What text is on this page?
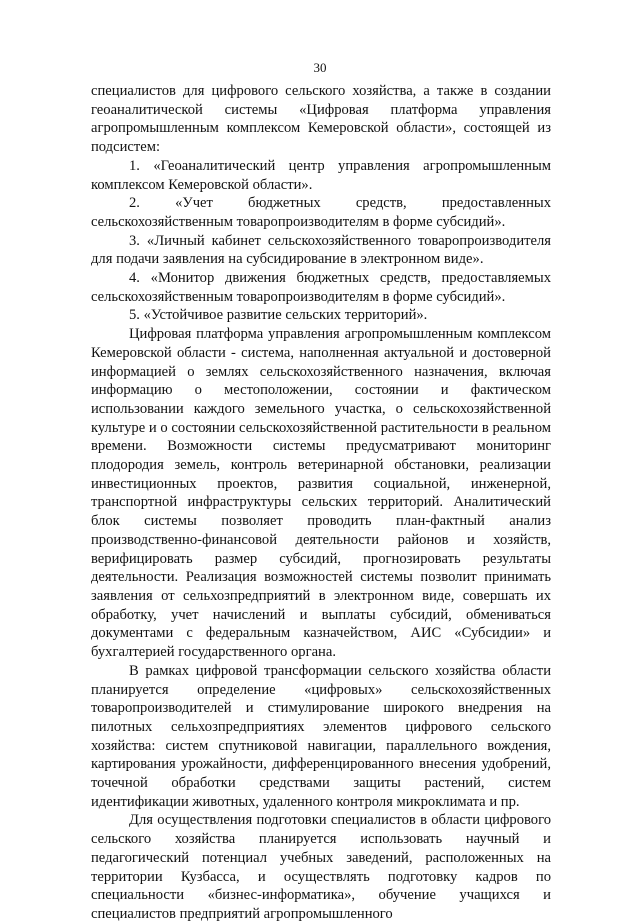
30

специалистов для цифрового сельского хозяйства, а также в создании геоаналитической системы «Цифровая платформа управления агропромышленным комплексом Кемеровской области», состоящей из подсистем:

1. «Геоаналитический центр управления агропромышленным комплексом Кемеровской области».

2. «Учет бюджетных средств, предоставленных сельскохозяйственным товаропроизводителям в форме субсидий».

3. «Личный кабинет сельскохозяйственного товаропроизводителя для подачи заявления на субсидирование в электронном виде».

4. «Монитор движения бюджетных средств, предоставляемых сельскохозяйственным товаропроизводителям в форме субсидий».

5. «Устойчивое развитие сельских территорий».

Цифровая платформа управления агропромышленным комплексом Кемеровской области - система, наполненная актуальной и достоверной информацией о землях сельскохозяйственного назначения, включая информацию о местоположении, состоянии и фактическом использовании каждого земельного участка, о сельскохозяйственной культуре и о состоянии сельскохозяйственной растительности в реальном времени. Возможности системы предусматривают мониторинг плодородия земель, контроль ветеринарной обстановки, реализации инвестиционных проектов, развития социальной, инженерной, транспортной инфраструктуры сельских территорий. Аналитический блок системы позволяет проводить план-фактный анализ производственно-финансовой деятельности районов и хозяйств, верифицировать размер субсидий, прогнозировать результаты деятельности. Реализация возможностей системы позволит принимать заявления от сельхозпредприятий в электронном виде, совершать их обработку, учет начислений и выплаты субсидий, обмениваться документами с федеральным казначейством, АИС «Субсидии» и бухгалтерией государственного органа.

В рамках цифровой трансформации сельского хозяйства области планируется определение «цифровых» сельскохозяйственных товаропроизводителей и стимулирование широкого внедрения на пилотных сельхозпредприятиях элементов цифрового сельского хозяйства: систем спутниковой навигации, параллельного вождения, картирования урожайности, дифференцированного внесения удобрений, точечной обработки средствами защиты растений, систем идентификации животных, удаленного контроля микроклимата и пр.

Для осуществления подготовки специалистов в области цифрового сельского хозяйства планируется использовать научный и педагогический потенциал учебных заведений, расположенных на территории Кузбасса, и осуществлять подготовку кадров по специальности «бизнес-информатика», обучение учащихся и специалистов предприятий агропромышленного
